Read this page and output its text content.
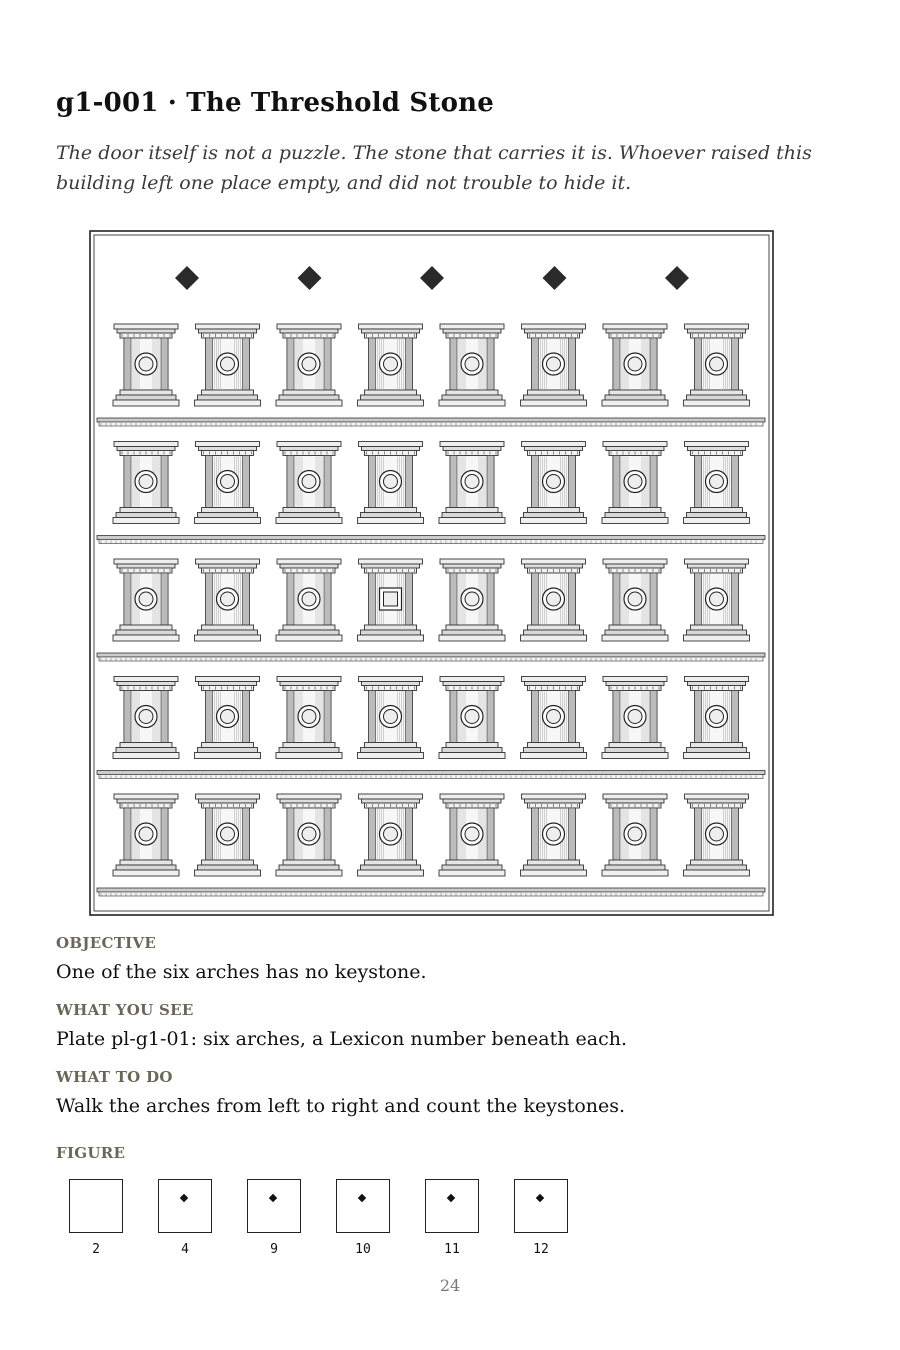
g1-001 · The Threshold Stone

The door itself is not a puzzle. The stone that carries it is. Whoever raised this building left one place empty, and did not trouble to hide it.

OBJECTIVE
One of the six arches has no keystone.
WHAT YOU SEE
Plate pl-g1-01: six arches, a Lexicon number beneath each.
WHAT TO DO
Walk the arches from left to right and count the keystones.
FIGURE
2	4	9	10	11	12
24
